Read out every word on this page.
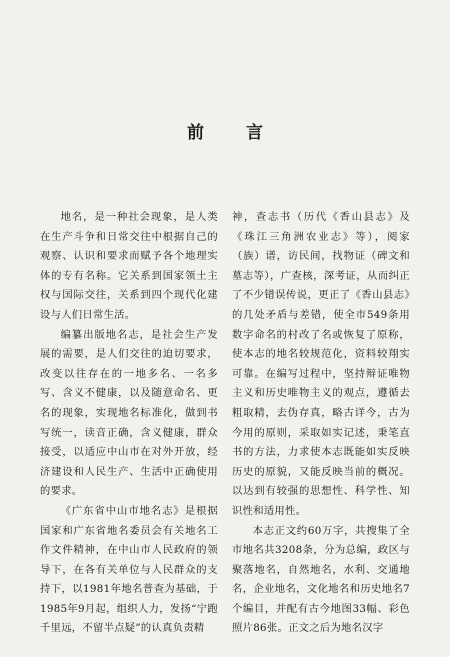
前 言

地名，是一种社会现象，是人类在生产斗争和日常交往中根据自己的观察、认识和要求而赋予各个地理实体的专有名称。它关系到国家领土主权与国际交往，关系到四个现代化建设与人们日常生活。

编纂出版地名志，是社会生产发展的需要，是人们交往的迫切要求，改变以往存在的一地多名、一名多写、含义不健康，以及随意命名、更名的现象，实现地名标准化，做到书写统一，读音正确，含义健康，群众接受，以适应中山市在对外开放，经济建设和人民生产、生活中正确使用的要求。

《广东省中山市地名志》是根据国家和广东省地名委员会有关地名工作文件精神，在中山市人民政府的领导下，在各有关单位与人民群众的支持下，以1981年地名普查为基础，于1985年9月起，组织人力，发扬“宁跑千里远，不留半点疑”的认真负责精

神，查志书（历代《香山县志》及《珠江三角洲农业志》等），阅家（族）谱，访民间，找物证（碑文和墓志等），广查核，深考证，从而纠正了不少错误传说，更正了《香山县志》的几处矛盾与差错，使全市549条用数字命名的村改了名或恢复了原称，使本志的地名较规范化，资料较翔实可靠。在编写过程中，坚持辩证唯物主义和历史唯物主义的观点，遵循去粗取精，去伪存真，略古详今，古为今用的原则，采取如实记述，秉笔直书的方法，力求使本志既能如实反映历史的原貌，又能反映当前的概况。以达到有较强的思想性、科学性、知识性和适用性。

本志正文约60万字，共搜集了全市地名共3208条，分为总编，政区与聚落地名，自然地名，水利、交通地名，企业地名，文化地名和历史地名7个编目，并配有古今地图33幅、彩色照片86张。正文之后为地名汉字
